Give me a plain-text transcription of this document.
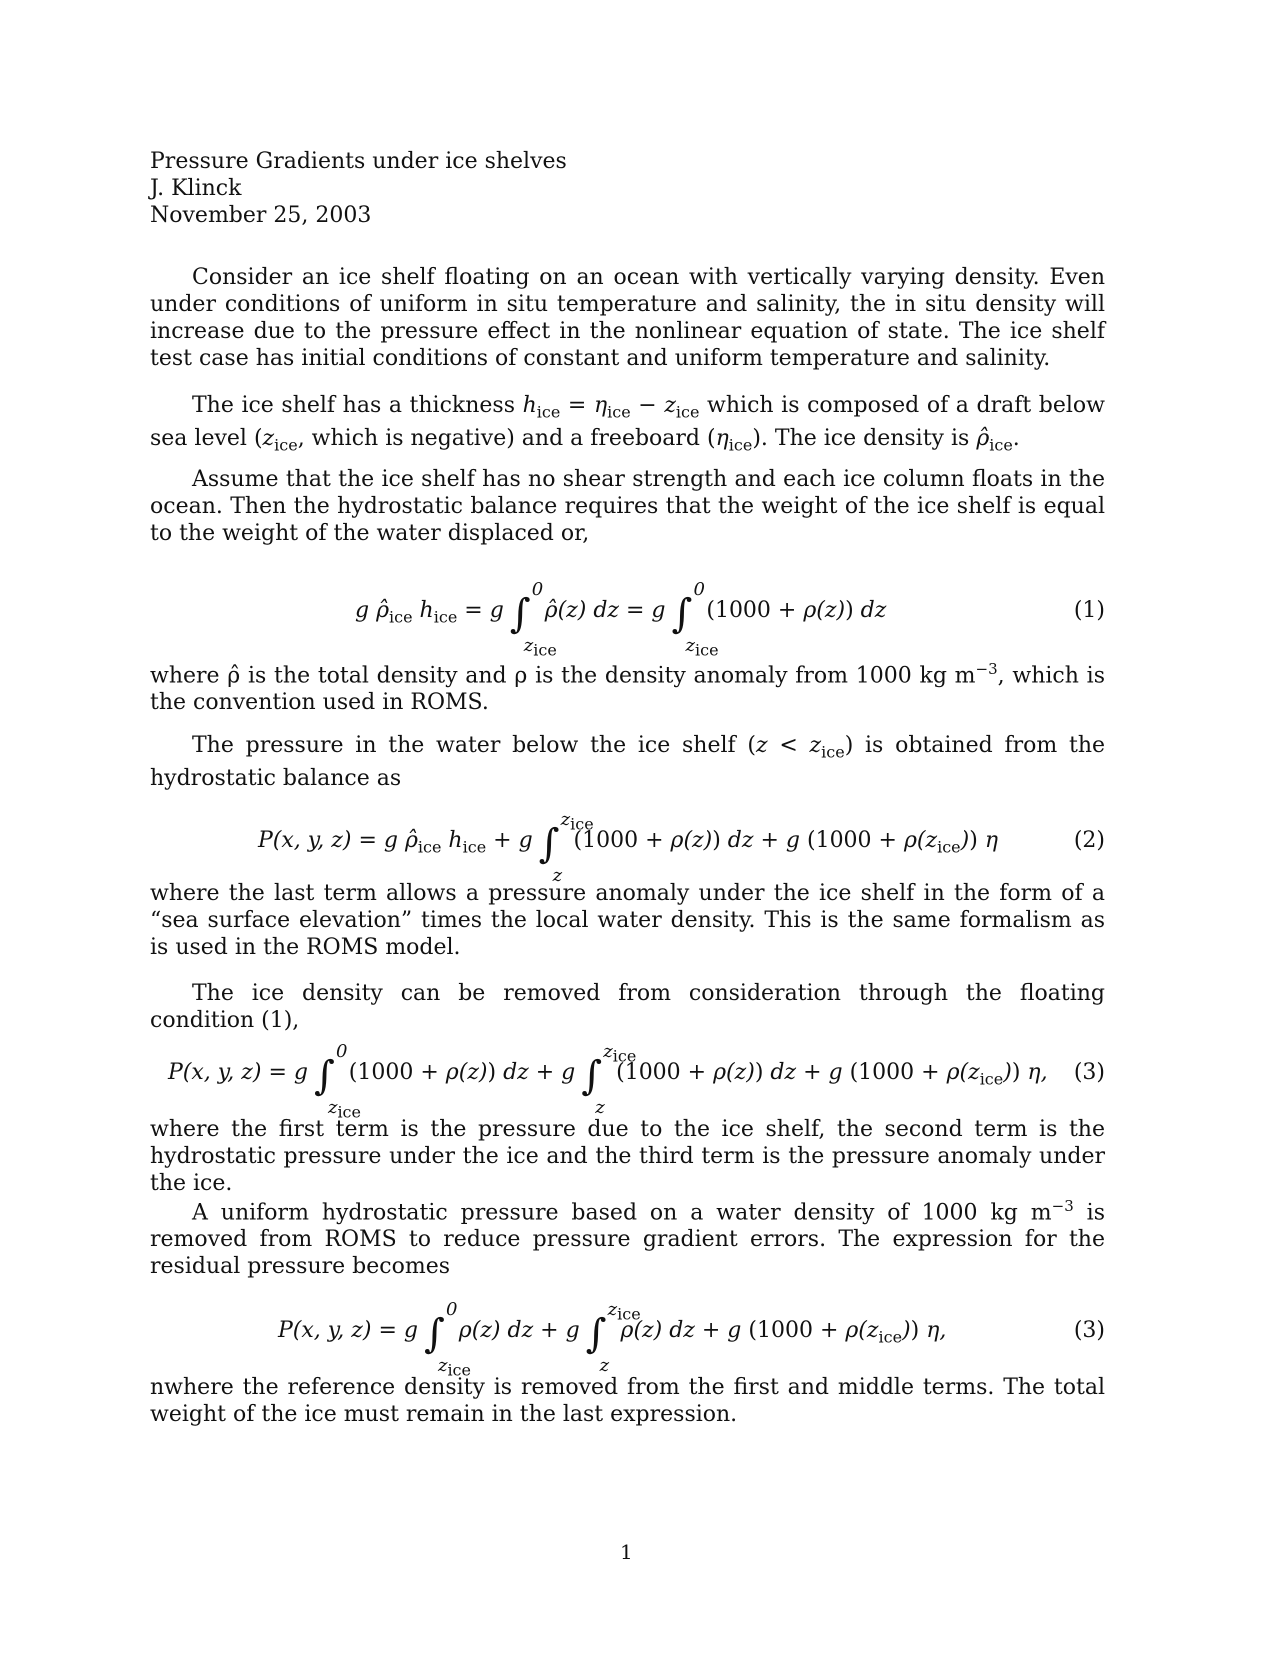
Pressure Gradients under ice shelves
J. Klinck
November 25, 2003
Consider an ice shelf floating on an ocean with vertically varying density. Even under conditions of uniform in situ temperature and salinity, the in situ density will increase due to the pressure effect in the nonlinear equation of state. The ice shelf test case has initial conditions of constant and uniform temperature and salinity.
The ice shelf has a thickness $h_{ice} = \eta_{ice} - z_{ice}$ which is composed of a draft below sea level ($z_{ice}$, which is negative) and a freeboard $(\eta_{ice})$. The ice density is $\rhô_{ice}$.
Assume that the ice shelf has no shear strength and each ice column floats in the ocean. Then the hydrostatic balance requires that the weight of the ice shelf is equal to the weight of the water displaced or,
g $\rhô_{ice}$ $h_{ice} = g$ ∫
0
$z_{ice}$
ρ̂(z) dz = g ∫
0
$z_{ice}$
(1000 + ρ(z)) dz	(1)
where ρ̂ is the total density and ρ is the density anomaly from 1000 kg $m^{-3}$, which is the convention used in ROMS.
The pressure in the water below the ice shelf $(z < z_{ice})$ is obtained from the hydrostatic balance as
P(x, y, z) = g $\rhô_{ice}$ $h_{ice} + g$ ∫
$z_{ice}$
z
(1000 + ρ(z)) dz + g $(1000 + \rho(z_{ice}))$ η	(2)
where the last term allows a pressure anomaly under the ice shelf in the form of a “sea surface elevation” times the local water density. This is the same formalism as is used in the ROMS model.
The ice density can be removed from consideration through the floating condition (1),
P(x, y, z) = g ∫
0
$z_{ice}$
(1000 + ρ(z)) dz + g ∫
$z_{ice}$
z
(1000 + ρ(z)) dz + g $(1000 + \rho(z_{ice}))$ η, (3)
where the first term is the pressure due to the ice shelf, the second term is the hydrostatic pressure under the ice and the third term is the pressure anomaly under the ice.
A uniform hydrostatic pressure based on a water density of 1000 kg $m^{-3}$ is removed from ROMS to reduce pressure gradient errors. The expression for the residual pressure becomes
P(x, y, z) = g ∫
0
$z_{ice}$
ρ(z) dz + g ∫
$z_{ice}$
z
ρ(z) dz + g $(1000 + \rho(z_{ice}))$ η,	(3)
nwhere the reference density is removed from the first and middle terms. The total weight of the ice must remain in the last expression.
1
